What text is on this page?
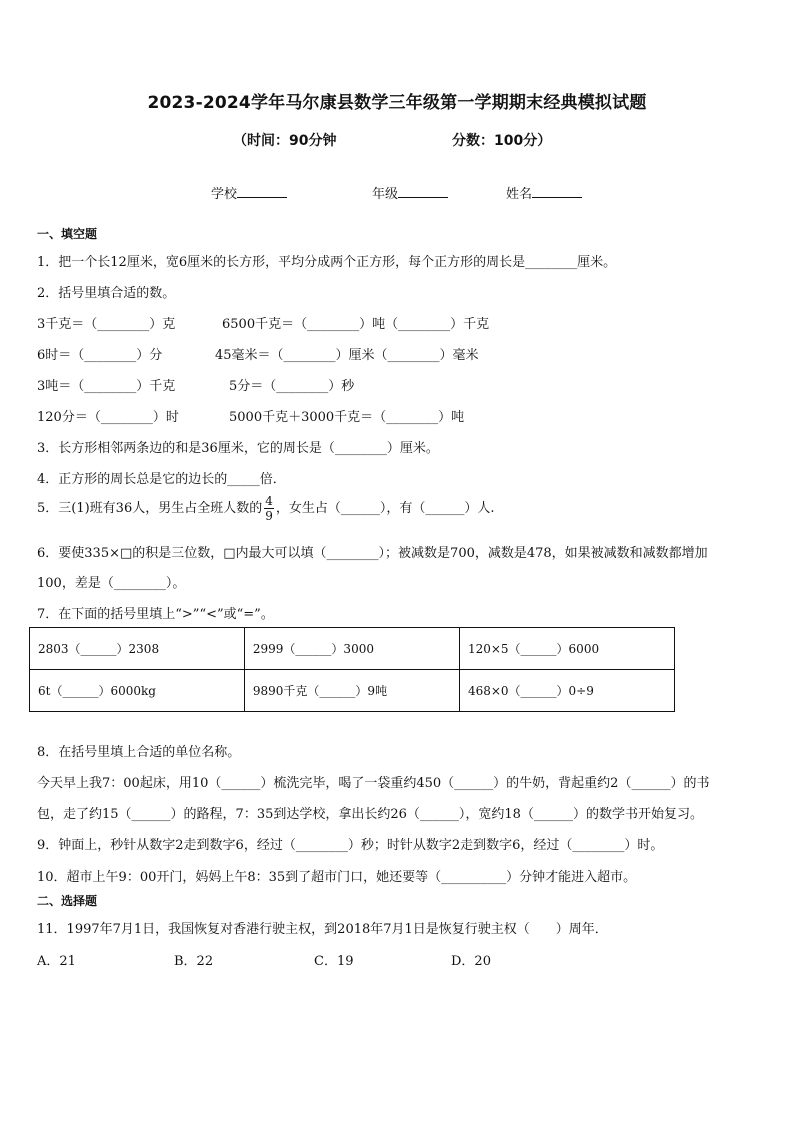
2023-2024学年马尔康县数学三年级第一学期期末经典模拟试题
（时间：90分钟	分数：100分）
学校	年级	姓名
一、填空题
1．把一个长12厘米，宽6厘米的长方形，平均分成两个正方形，每个正方形的周长是________厘米。
2．括号里填合适的数。
3千克＝（________）克	6500千克＝（________）吨（________）千克
6时＝（________）分	45毫米＝（________）厘米（________）毫米
3吨＝（________）千克	5分＝（________）秒
120分＝（________）时	5000千克＋3000千克＝（________）吨
3．长方形相邻两条边的和是36厘米，它的周长是（________）厘米。
4．正方形的周长总是它的边长的_____倍．
5．三(1)班有36人，男生占全班人数的 $\frac{4}{9}$ ，女生占（______），有（______）人.
6．要使335×□的积是三位数，□内最大可以填（________）；被减数是700，减数是478，如果被减数和减数都增加
100，差是（________）。
7．在下面的括号里填上“>”“<”或“=”。
2803（______）2308	2999（______）3000	120×5（______）6000
6t（______）6000kg	9890千克（______）9吨	468×0（______）0÷9
8．在括号里填上合适的单位名称。
今天早上我7：00起床，用10（______）梳洗完毕，喝了一袋重约450（______）的牛奶，背起重约2（______）的书
包，走了约15（______）的路程，7：35到达学校，拿出长约26（______），宽约18（______）的数学书开始复习。
9．钟面上，秒针从数字2走到数字6，经过（________）秒；时针从数字2走到数字6，经过（________）时。
10．超市上午9：00开门，妈妈上午8：35到了超市门口，她还要等（__________）分钟才能进入超市。
二、选择题
11．1997年7月1日，我国恢复对香港行驶主权，到2018年7月1日是恢复行驶主权（　　）周年．
A．21	B．22	C．19	D．20
